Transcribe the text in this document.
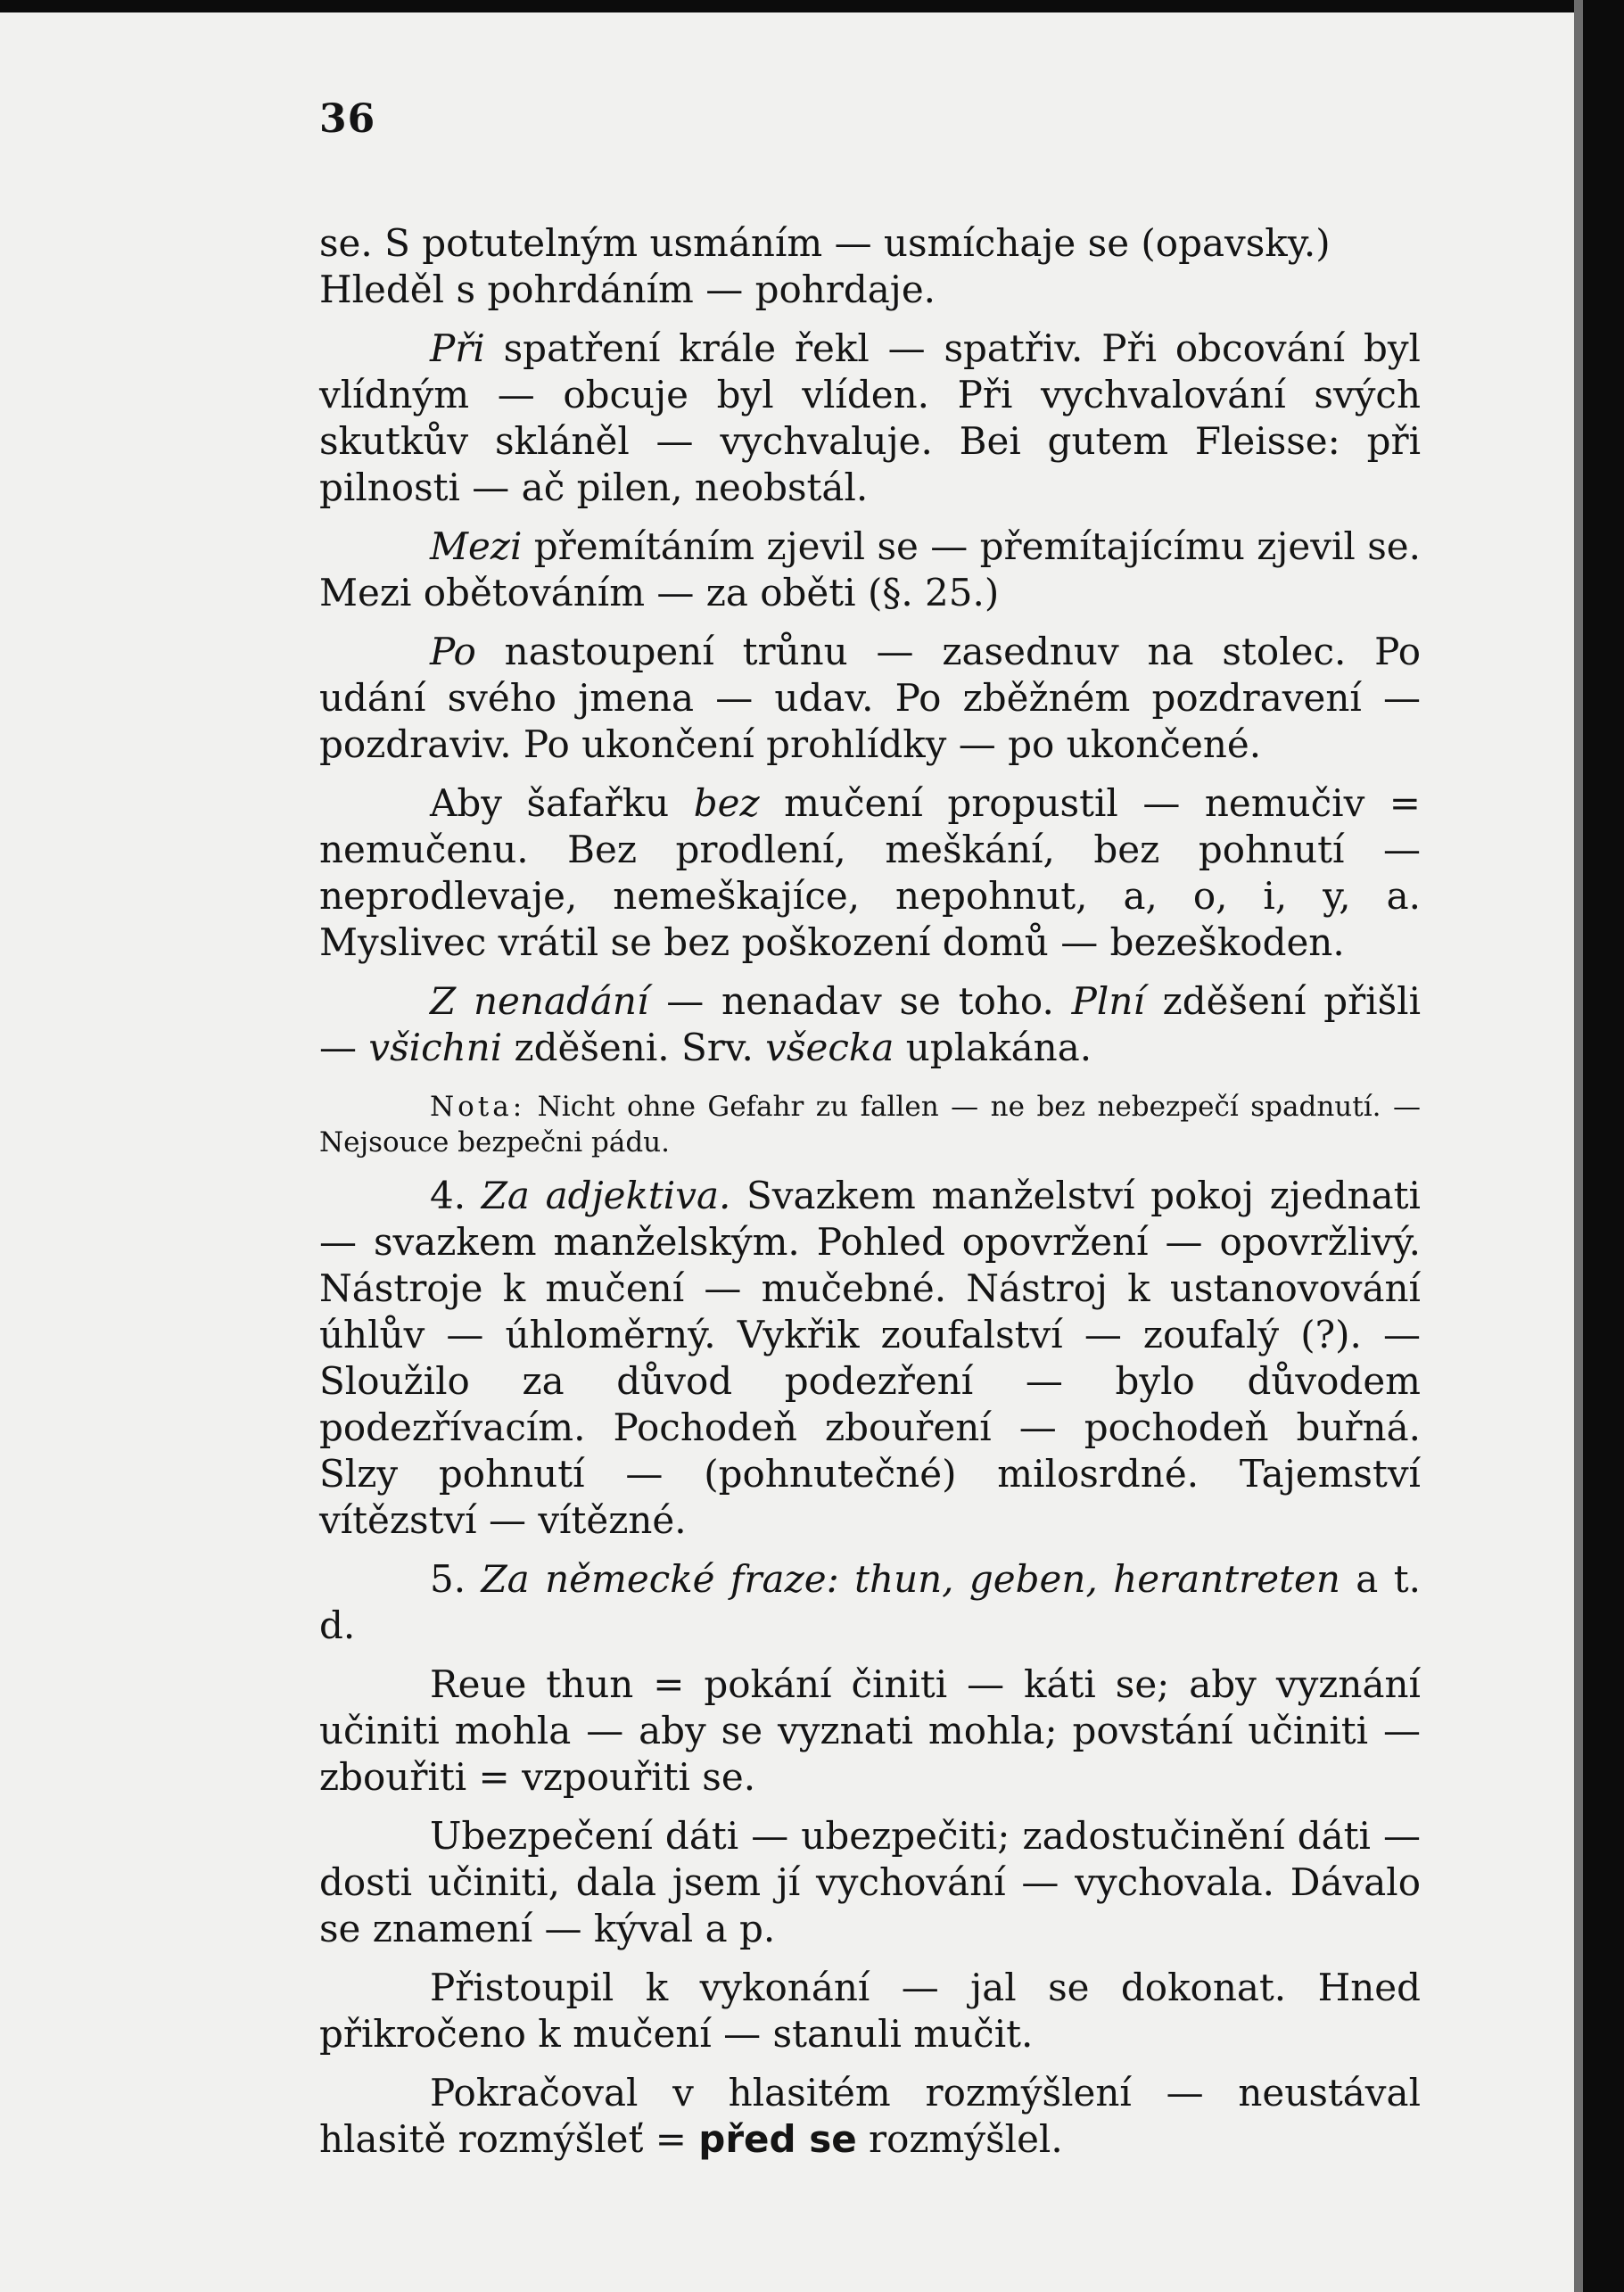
36

se. S potutelným usmáním — usmíchaje se (opavsky.)
Hleděl s pohrdáním — pohrdaje.

Při spatření krále řekl — spatřiv. Při obcování byl vlídným — obcuje byl vlíden. Při vychvalování svých skutkův skláněl — vychvaluje. Bei gutem Fleisse: při pilnosti — ač pilen, neobstál.

Mezi přemítáním zjevil se — přemítajícímu zjevil se. Mezi obětováním — za oběti (§. 25.)

Po nastoupení trůnu — zasednuv na stolec. Po udání svého jmena — udav. Po zběžném pozdravení — pozdraviv. Po ukončení prohlídky — po ukončené.

Aby šafařku bez mučení propustil — nemučiv = nemučenu. Bez prodlení, meškání, bez pohnutí — neprodlevaje, nemeškajíce, nepohnut, a, o, i, y, a. Myslivec vrátil se bez poškození domů — bezeškoden.

Z nenadání — nenadav se toho. Plní zděšení přišli — všichni zděšeni. Srv. všecka uplakána.

Nota: Nicht ohne Gefahr zu fallen — ne bez nebezpečí spadnutí. — Nejsouce bezpečni pádu.

4. Za adjektiva. Svazkem manželství pokoj zjednati — svazkem manželským. Pohled opovržení — opovržlivý. Nástroje k mučení — mučebné. Nástroj k ustanovování úhlův — úhloměrný. Vykřik zoufalství — zoufalý (?). — Sloužilo za důvod podezření — bylo důvodem podezřívacím. Pochodeň zbouření — pochodeň buřná. Slzy pohnutí — (pohnutečné) milosrdné. Tajemství vítězství — vítězné.

5. Za německé fraze: thun, geben, herantreten a t. d.

Reue thun = pokání činiti — káti se; aby vyznání učiniti mohla — aby se vyznati mohla; povstání učiniti — zbouřiti = vzpouřiti se.

Ubezpečení dáti — ubezpečiti; zadostučinění dáti — dosti učiniti, dala jsem jí vychování — vychovala. Dávalo se znamení — kýval a p.

Přistoupil k vykonání — jal se dokonat. Hned přikročeno k mučení — stanuli mučit.

Pokračoval v hlasitém rozmýšlení — neustával hlasitě rozmýšleť = před se rozmýšlel.
